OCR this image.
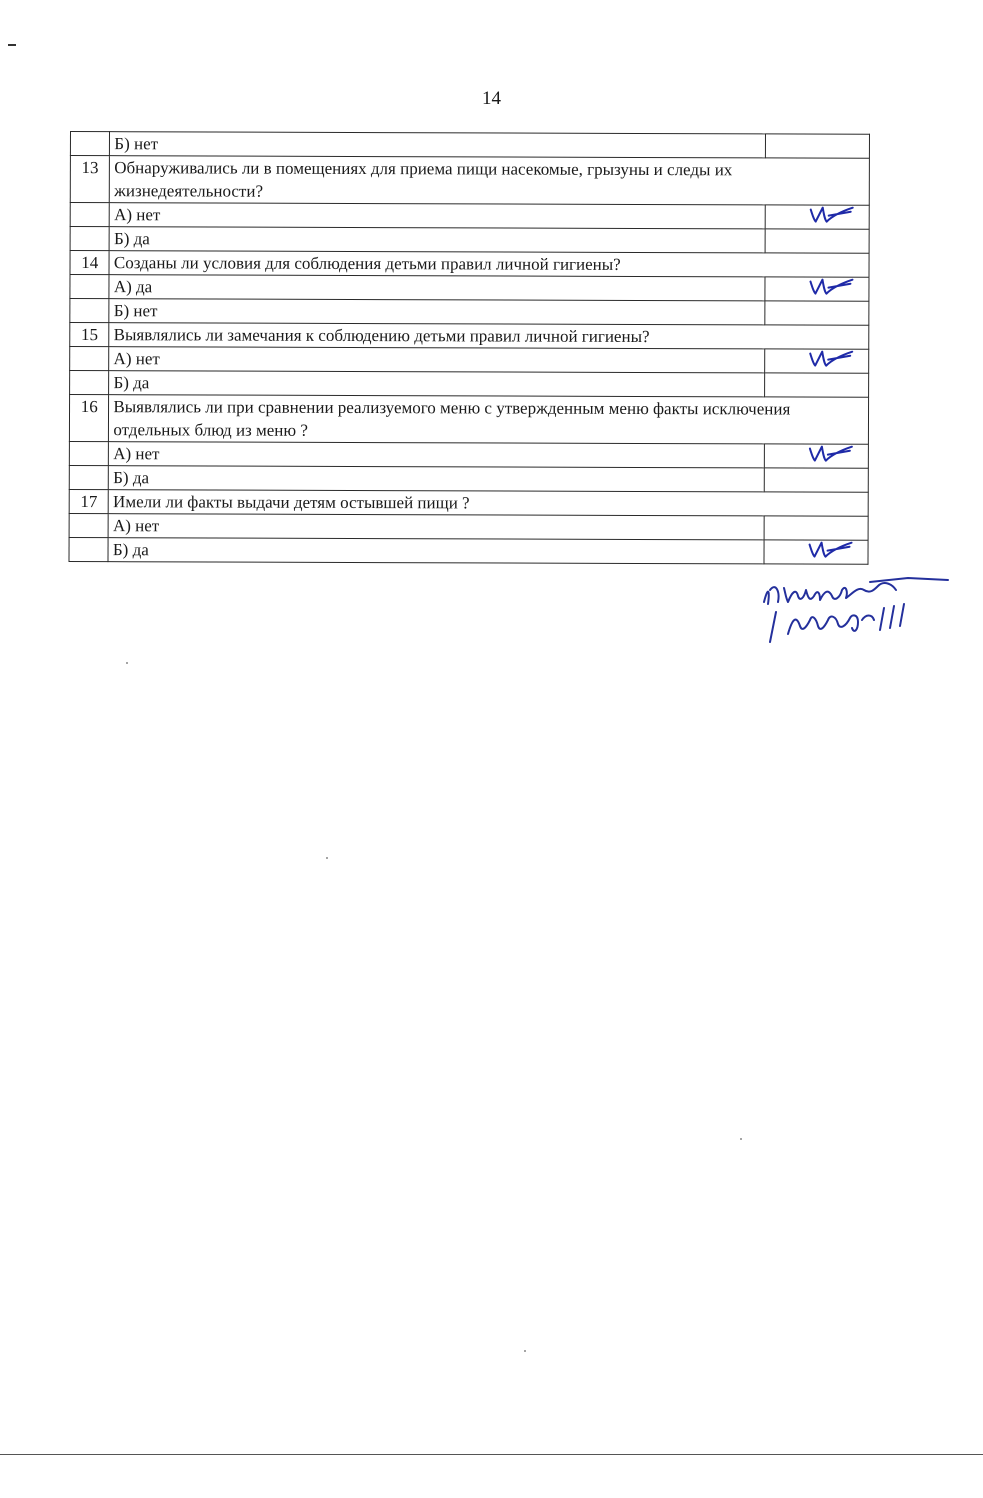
14
	Б) нет	
13	Обнаруживались ли в помещениях для приема пищи насекомые, грызуны и следы их жизнедеятельности?	
	А) нет	

	Б) да	
14	Созданы ли условия для соблюдения детьми правил личной гигиены?	
	А) да	

	Б) нет	
15	Выявлялись ли замечания к соблюдению детьми правил личной гигиены?	
	А) нет	

	Б) да	
16	Выявлялись ли при сравнении реализуемого меню с утвержденным меню факты исключения отдельных блюд из меню ?	
	А) нет	

	Б) да	
17	Имели ли факты выдачи детям остывшей пищи ?	
	А) нет	
	Б) да	
